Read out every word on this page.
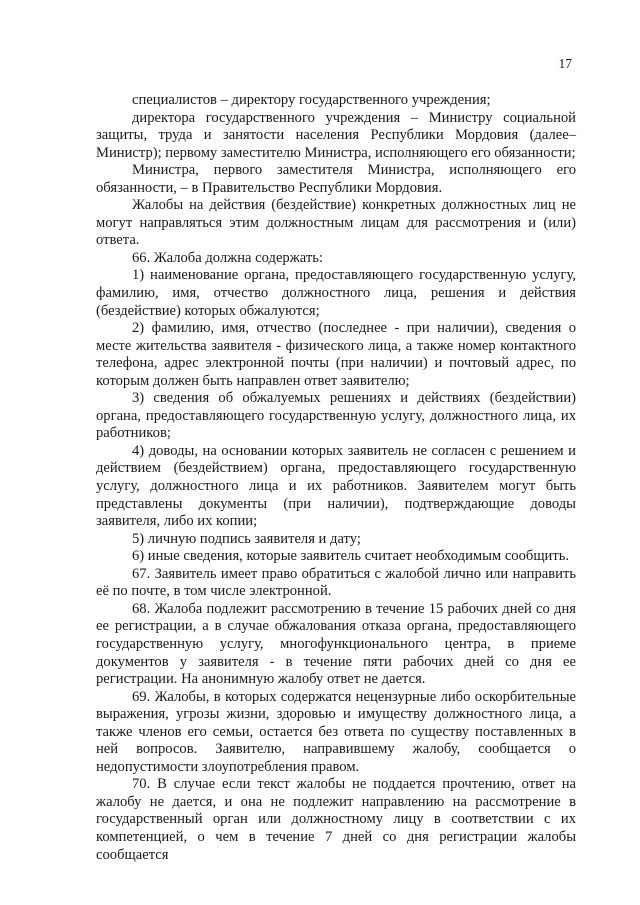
17

специалистов – директору государственного учреждения;

директора государственного учреждения – Министру социальной защиты, труда и занятости населения Республики Мордовия (далее–Министр); первому заместителю Министра, исполняющего его обязанности;

Министра, первого заместителя Министра, исполняющего его обязанности, – в Правительство Республики Мордовия.

Жалобы на действия (бездействие) конкретных должностных лиц не могут направляться этим должностным лицам для рассмотрения и (или) ответа.

66. Жалоба должна содержать:

1) наименование органа, предоставляющего государственную услугу, фамилию, имя, отчество должностного лица, решения и действия (бездействие) которых обжалуются;

2) фамилию, имя, отчество (последнее - при наличии), сведения о месте жительства заявителя - физического лица, а также номер контактного телефона, адрес электронной почты (при наличии) и почтовый адрес, по которым должен быть направлен ответ заявителю;

3) сведения об обжалуемых решениях и действиях (бездействии) органа, предоставляющего государственную услугу, должностного лица, их работников;

4) доводы, на основании которых заявитель не согласен с решением и действием (бездействием) органа, предоставляющего государственную услугу, должностного лица и их работников. Заявителем могут быть представлены документы (при наличии), подтверждающие доводы заявителя, либо их копии;

5) личную подпись заявителя и дату;

6) иные сведения, которые заявитель считает необходимым сообщить.

67. Заявитель имеет право обратиться с жалобой лично или направить её по почте, в том числе электронной.

68. Жалоба подлежит рассмотрению в течение 15 рабочих дней со дня ее регистрации, а в случае обжалования отказа органа, предоставляющего государственную услугу, многофункционального центра, в приеме документов у заявителя - в течение пяти рабочих дней со дня ее регистрации. На анонимную жалобу ответ не дается.

69. Жалобы, в которых содержатся нецензурные либо оскорбительные выражения, угрозы жизни, здоровью и имуществу должностного лица, а также членов его семьи, остается без ответа по существу поставленных в ней вопросов. Заявителю, направившему жалобу, сообщается о недопустимости злоупотребления правом.

70. В случае если текст жалобы не поддается прочтению, ответ на жалобу не дается, и она не подлежит направлению на рассмотрение в государственный орган или должностному лицу в соответствии с их компетенцией, о чем в течение 7 дней со дня регистрации жалобы сообщается
